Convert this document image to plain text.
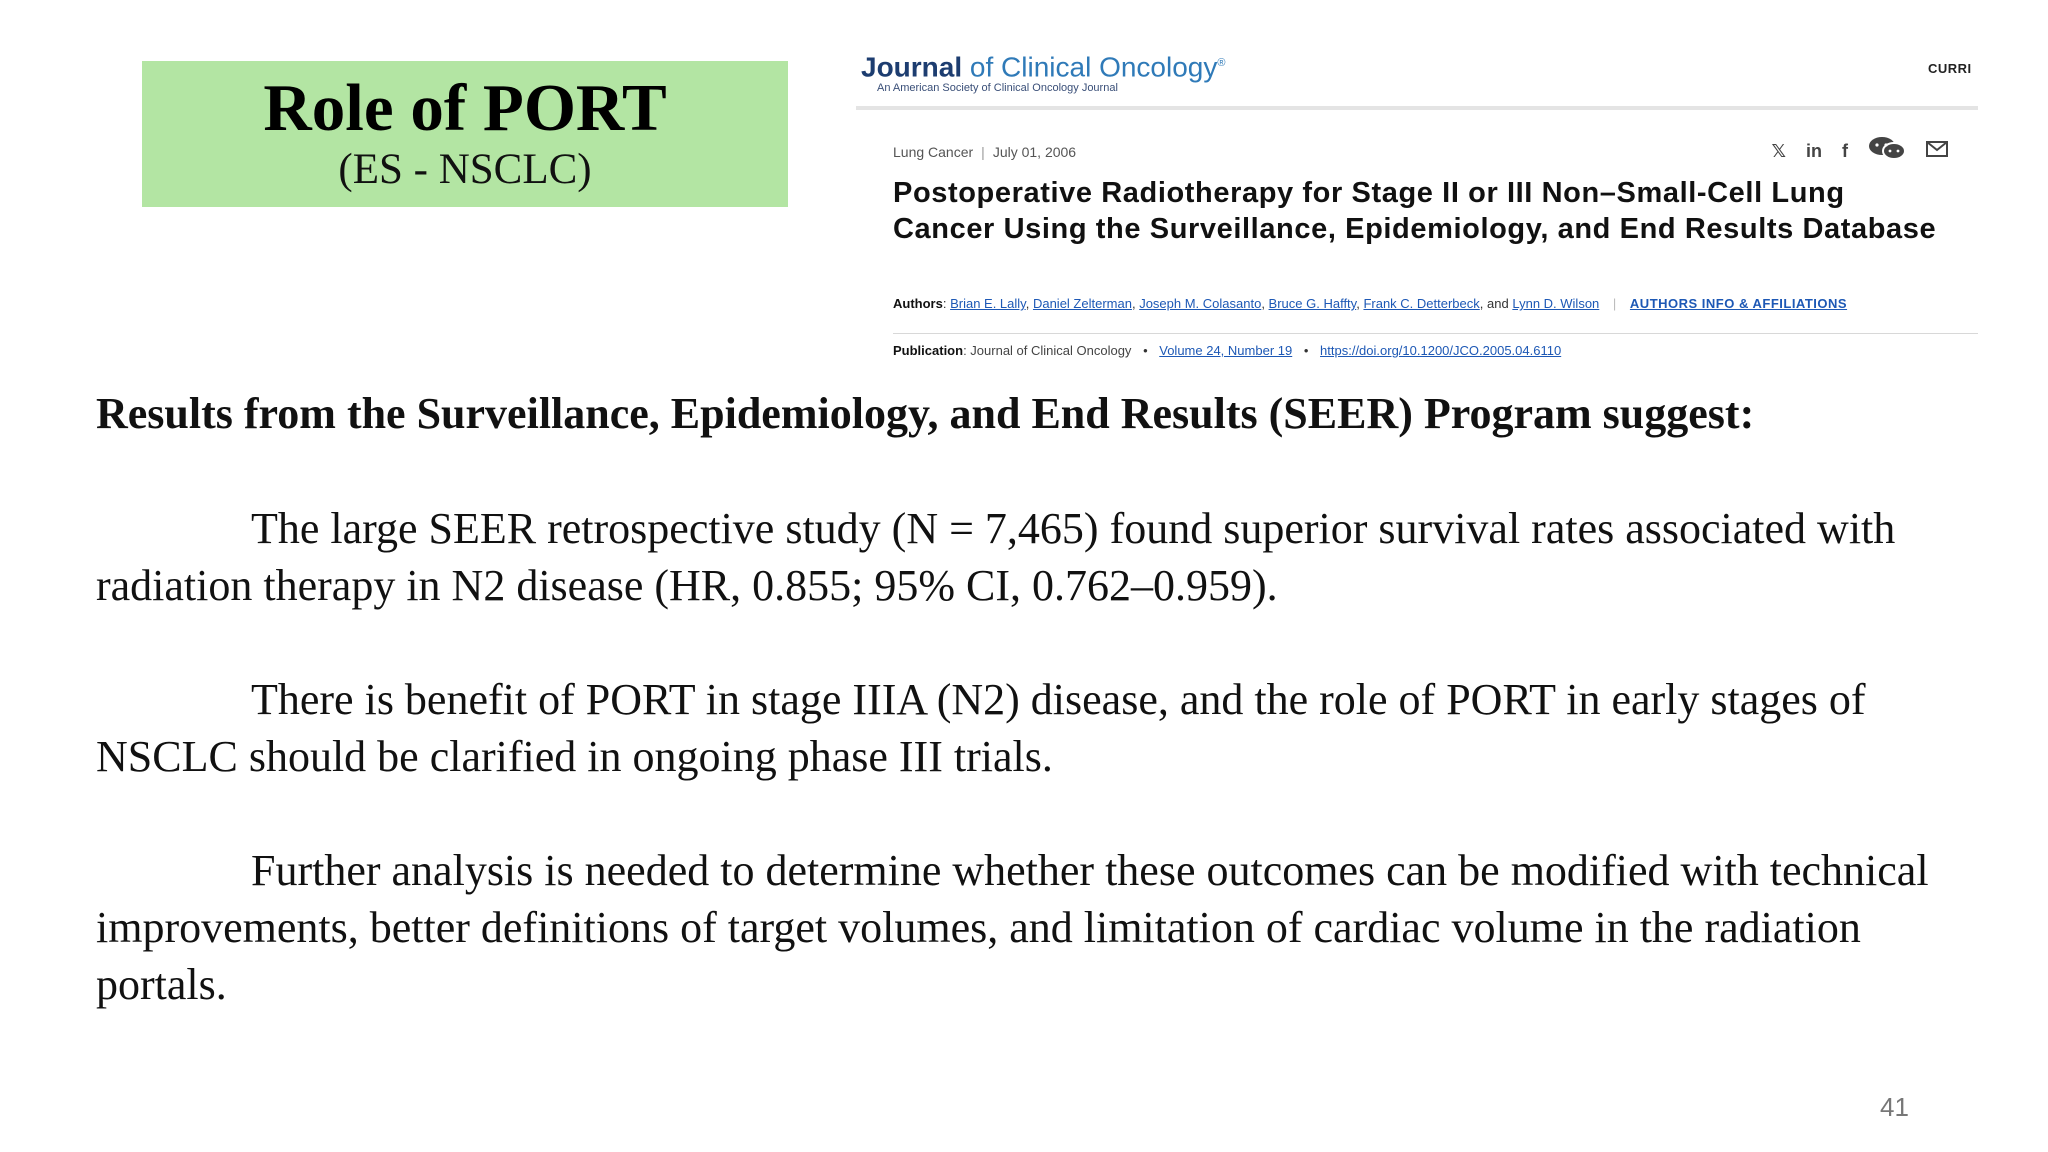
Role of PORT
(ES - NSCLC)
Journal of Clinical Oncology®
An American Society of Clinical Oncology Journal
CURRI
Lung Cancer | July 01, 2006	𝕏 in f
Postoperative Radiotherapy for Stage II or III Non–Small-Cell Lung Cancer Using the Surveillance, Epidemiology, and End Results Database
Authors: Brian E. Lally, Daniel Zelterman, Joseph M. Colasanto, Bruce G. Haffty, Frank C. Detterbeck, and Lynn D. Wilson | AUTHORS INFO & AFFILIATIONS
Publication: Journal of Clinical Oncology • Volume 24, Number 19 • https://doi.org/10.1200/JCO.2005.04.6110
Results from the Surveillance, Epidemiology, and End Results (SEER) Program suggest:
The large SEER retrospective study (N = 7,465) found superior survival rates associated with radiation therapy in N2 disease (HR, 0.855; 95% CI, 0.762–0.959).
There is benefit of PORT in stage IIIA (N2) disease, and the role of PORT in early stages of NSCLC should be clarified in ongoing phase III trials.
Further analysis is needed to determine whether these outcomes can be modified with technical improvements, better definitions of target volumes, and limitation of cardiac volume in the radiation portals.
41
